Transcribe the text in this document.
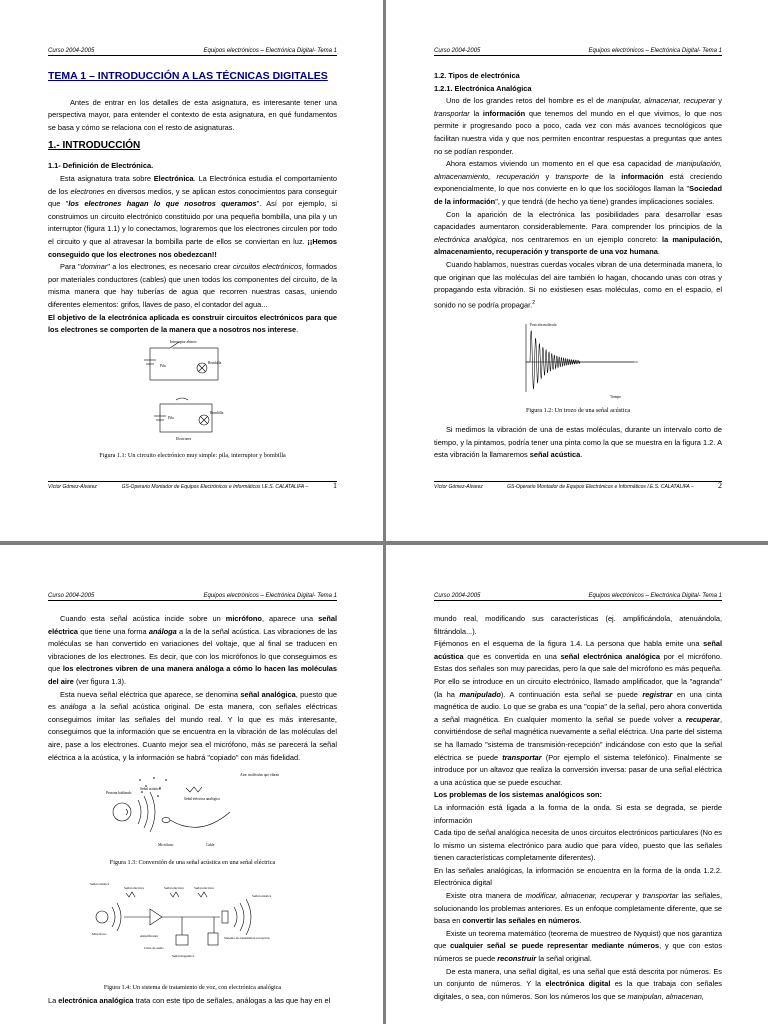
Curso 2004-2005	Equipos electrónicos – Electrónica Digital- Tema 1
TEMA 1 – INTRODUCCIÓN A LAS TÉCNICAS DIGITALES

Antes de entrar en los detalles de esta asignatura, es interesante tener una perspectiva mayor, para entender el contexto de esta asignatura, en qué fundamentos se basa y cómo se relaciona con el resto de asignaturas.

1.- INTRODUCCIÓN
1.1- Definición de Electrónica.

Esta asignatura trata sobre Electrónica. La Electrónica estudia el comportamiento de los electrones en diversos medios, y se aplican estos conocimientos para conseguir que "los electrones hagan lo que nosotros queramos". Así por ejemplo, si construimos un circuito electrónico constituido por una pequeña bombilla, una pila y un interruptor (figura 1.1) y lo conectamos, lograremos que los electrones circulen por todo el circuito y que al atravesar la bombilla parte de ellos se conviertan en luz. ¡¡Hemos conseguido que los electrones nos obedezcan!!

Para "dominar" a los electrones, es necesario crear circuitos electrónicos, formados por materiales conductores (cables) que unen todos los componentes del circuito, de la misma manera que hay tuberías de agua que recorren nuestras casas, uniendo diferentes elementos: grifos, llaves de paso, el contador del agua...

El objetivo de la electrónica aplicada es construir circuitos electrónicos para que los electrones se comporten de la manera que a nosotros nos interese.

Interruptor abierto
Bombilla
Pila
Pila
Bombilla
Electrones
Figura 1.1: Un circuito electrónico muy simple: pila, interruptor y bombilla
Víctor Gómez-Alvarez	GS-Operario Montador de Equipos Electrónicos e Informáticos I.E.S. CALATALIFA –	1
Curso 2004-2005	Equipos electrónicos – Electrónica Digital- Tema 1
1.2. Tipos de electrónica
1.2.1. Electrónica Analógica

Uno de los grandes retos del hombre es el de manipular, almacenar, recuperar y transportar la información que tenemos del mundo en el que vivimos, lo que nos permite ir progresando poco a poco, cada vez con más avances tecnológicos que facilitan nuestra vida y que nos permiten encontrar respuestas a preguntas que antes no se podían responder.

Ahora estamos viviendo un momento en el que esa capacidad de manipulación, almacenamiento, recuperación y transporte de la información está creciendo exponencialmente, lo que nos convierte en lo que los sociólogos llaman la "Sociedad de la información", y que tendrá (de hecho ya tiene) grandes implicaciones sociales.

Con la aparición de la electrónica las posibilidades para desarrollar esas capacidades aumentaron considerablemente. Para comprender los principios de la electrónica analógica, nos centraremos en un ejemplo concreto: la manipulación, almacenamiento, recuperación y transporte de una voz humana.

Cuando hablamos, nuestras cuerdas vocales vibran de una determinada manera, lo que originan que las moléculas del aire también lo hagan, chocando unas con otras y propagando esta vibración. Si no existiesen esas moléculas, como en el espacio, el sonido no se podría propagar.$^2$

Posición molécula
Tiempo
Figura 1.2: Un trozo de una señal acústica

Si medimos la vibración de una de estas moléculas, durante un intervalo corto de tiempo, y la pintamos, podría tener una pinta como la que se muestra en la figura 1.2. A esta vibración la llamaremos señal acústica.

Víctor Gómez-Alvarez	GS-Operario Montador de Equipos Electrónicos e Informáticos I.E.S. CALATALIFA –	2
Curso 2004-2005	Equipos electrónicos – Electrónica Digital- Tema 1

Cuando esta señal acústica incide sobre un micrófono, aparece una señal eléctrica que tiene una forma análoga a la de la señal acústica. Las vibraciones de las moléculas se han convertido en variaciones del voltaje, que al final se traducen en vibraciones de los electrones. Es decir, que con los micrófonos lo que conseguimos es que los electrones vibren de una manera análoga a cómo lo hacen las moléculas del aire (ver figura 1.3).

Esta nueva señal eléctrica que aparece, se denomina señal analógica, puesto que es análoga a la señal acústica original. De esta manera, con señales eléctricas conseguimos imitar las señales del mundo real. Y lo que es más interesante, conseguimos que la información que se encuentra en la vibración de las moléculas del aire, pase a los electrones. Cuanto mejor sea el micrófono, más se parecerá la señal eléctrica a la acústica, y la información se habrá "copiado" con más fidelidad.

Aire: moléculas que vibran
Persona hablando
Señal acústica
Señal eléctrica analógica
Micrófono	Cable
Figura 1.3: Conversión de una señal acústica en una señal eléctrica
Señal acústica
Señal eléctrica	Señal eléctrica	Señal eléctrica
Señal acústica
Micrófono	Amplificador
Cinta de audio
Sistema de transmisión recepción
Señal magnética
Figura 1.4: Un sistema de tratamiento de voz, con electrónica analógica

La electrónica analógica trata con este tipo de señales, análogas a las que hay en el

Curso 2004-2005	Equipos electrónicos – Electrónica Digital- Tema 1

mundo real, modificando sus características (ej. amplificándola, atenuándola, filtrándola...).

Fijémonos en el esquema de la figura 1.4. La persona que habla emite una señal acústica que es convertida en una señal electrónica analógica por el micrófono. Estas dos señales son muy parecidas, pero la que sale del micrófono es más pequeña. Por ello se introduce en un circuito electrónico, llamado amplificador, que la "agranda" (la ha manipulado). A continuación esta señal se puede registrar en una cinta magnética de audio. Lo que se graba es una "copia" de la señal, pero ahora convertida a señal magnética. En cualquier momento la señal se puede volver a recuperar, convirtiéndose de señal magnética nuevamente a señal eléctrica. Una parte del sistema se ha llamado "sistema de transmisión-recepción" indicándose con esto que la señal eléctrica se puede transportar (Por ejemplo el sistema telefónico). Finalmente se introduce por un altavoz que realiza la conversión inversa: pasar de una señal eléctrica a una acústica que se puede escuchar.

Los problemas de los sistemas analógicos son:

La información está ligada a la forma de la onda. Si esta se degrada, se pierde información

Cada tipo de señal analógica necesita de unos circuitos electrónicos particulares (No es lo mismo un sistema electrónico para audio que para vídeo, puesto que las señales tienen características completamente diferentes).

En las señales analógicas, la información se encuentra en la forma de la onda 1.2.2. Electrónica digital

Existe otra manera de modificar, almacenar, recuperar y transportar las señales, solucionando los problemas anteriores. Es un enfoque completamente diferente, que se basa en convertir las señales en números.

Existe un teorema matemático (teorema de muestreo de Nyquist) que nos garantiza que cualquier señal se puede representar mediante números, y que con estos números se puede reconstruir la señal original.

De esta manera, una señal digital, es una señal que está descrita por números. Es un conjunto de números. Y la electrónica digital es la que trabaja con señales digitales, o sea, con números. Son los números los que se manipulan, almacenan,
